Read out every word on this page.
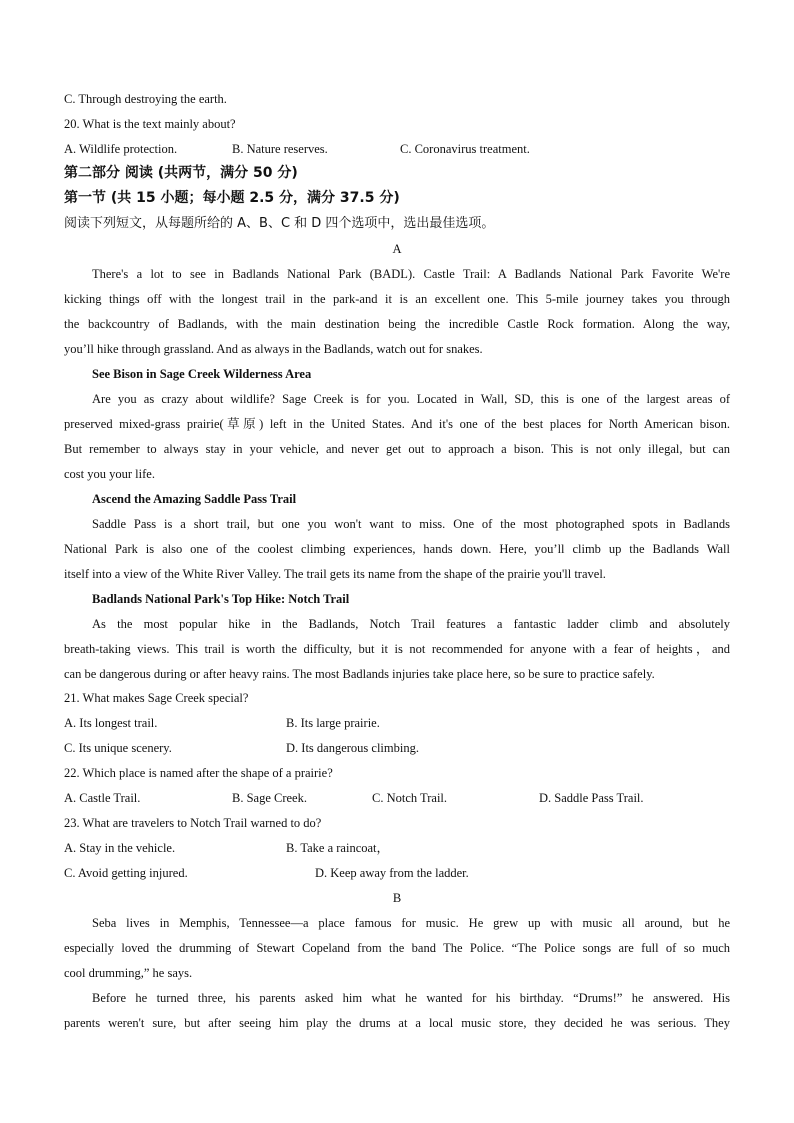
C. Through destroying the earth.
20. What is the text mainly about?
A. Wildlife protection.	B. Nature reserves.	C. Coronavirus treatment.
第二部分 阅读 (共两节，满分 50 分)
第一节 (共 15 小题；每小题 2.5 分，满分 37.5 分)
阅读下列短文，从每题所给的 A、B、C 和 D 四个选项中，选出最佳选项。
A
There's a lot to see in Badlands National Park (BADL). Castle Trail: A Badlands National Park Favorite We're
kicking things off with the longest trail in the park-and it is an excellent one. This 5-mile journey takes you through
the backcountry of Badlands, with the main destination being the incredible Castle Rock formation. Along the way,
you’ll hike through grassland. And as always in the Badlands, watch out for snakes.
See Bison in Sage Creek Wilderness Area
Are you as crazy about wildlife? Sage Creek is for you. Located in Wall, SD, this is one of the largest areas of
preserved mixed-grass prairie(草原) left in the United States. And it's one of the best places for North American bison.
But remember to always stay in your vehicle, and never get out to approach a bison. This is not only illegal, but can
cost you your life.
Ascend the Amazing Saddle Pass Trail
Saddle Pass is a short trail, but one you won't want to miss. One of the most photographed spots in Badlands
National Park is also one of the coolest climbing experiences, hands down. Here, you’ll climb up the Badlands Wall
itself into a view of the White River Valley. The trail gets its name from the shape of the prairie you'll travel.
Badlands National Park's Top Hike: Notch Trail
As the most popular hike in the Badlands, Notch Trail features a fantastic ladder climb and absolutely
breath-taking views. This trail is worth the difficulty, but it is not recommended for anyone with a fear of heights，and
can be dangerous during or after heavy rains. The most Badlands injuries take place here, so be sure to practice safely.
21. What makes Sage Creek special?
A. Its longest trail.	B. Its large prairie.
C. Its unique scenery.	D. Its dangerous climbing.
22. Which place is named after the shape of a prairie?
A. Castle Trail.	B. Sage Creek.	C. Notch Trail.	D. Saddle Pass Trail.
23. What are travelers to Notch Trail warned to do?
A. Stay in the vehicle.	B. Take a raincoat，
C. Avoid getting injured.	D. Keep away from the ladder.
B
Seba lives in Memphis, Tennessee—a place famous for music. He grew up with music all around, but he
especially loved the drumming of Stewart Copeland from the band The Police. “The Police songs are full of so much
cool drumming,” he says.
Before he turned three, his parents asked him what he wanted for his birthday. “Drums!” he answered. His
parents weren't sure, but after seeing him play the drums at a local music store, they decided he was serious. They
